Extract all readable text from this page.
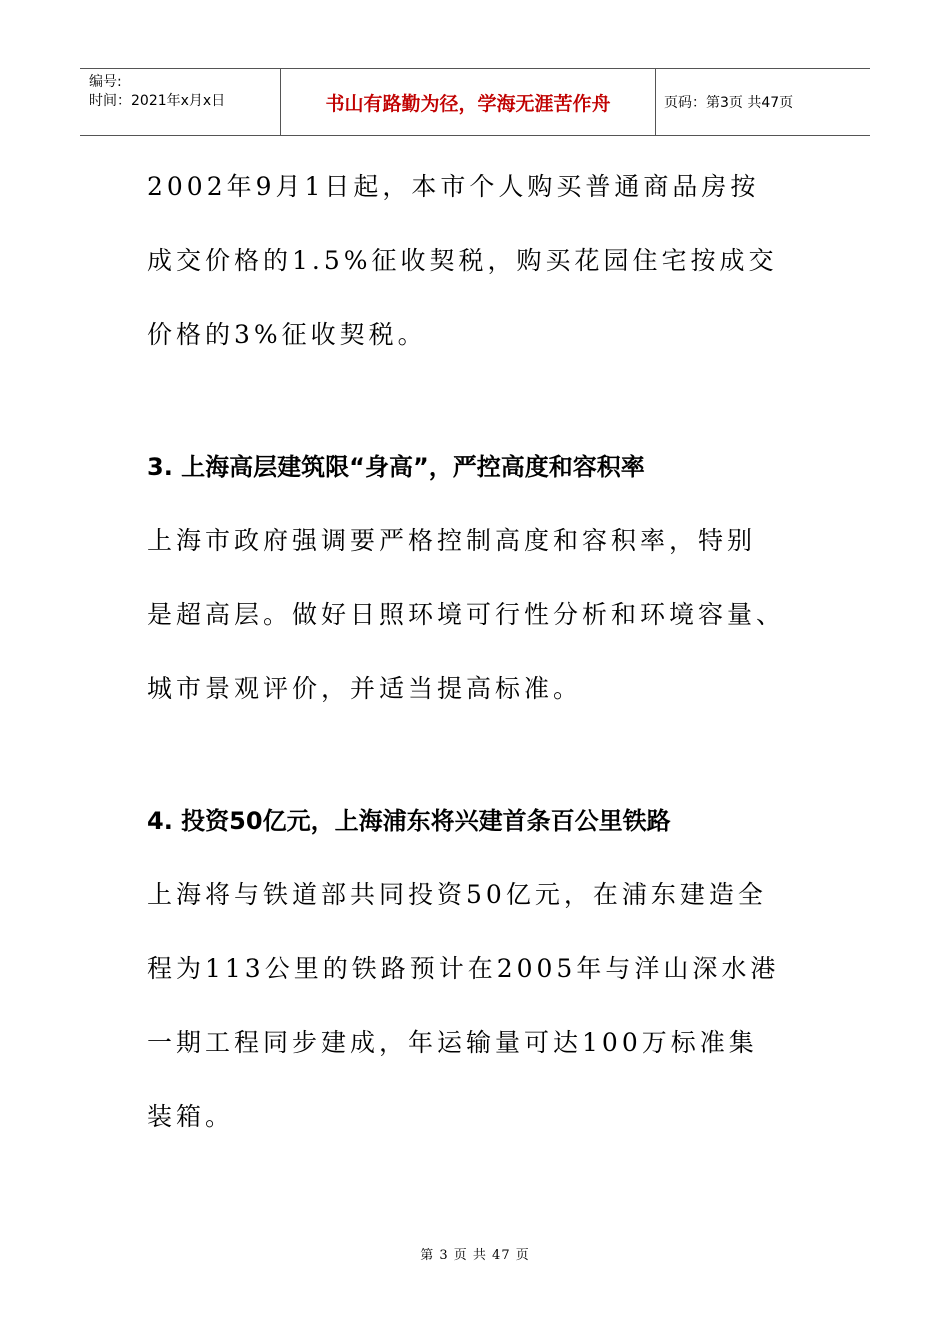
编号:
时间：2021年x月x日	书山有路勤为径，学海无涯苦作舟	页码：第3页 共47页

2002年9月1日起，本市个人购买普通商品房按

成交价格的1.5%征收契税，购买花园住宅按成交

价格的3%征收契税。

3. 上海高层建筑限“身高”，严控高度和容积率

上海市政府强调要严格控制高度和容积率，特别

是超高层。做好日照环境可行性分析和环境容量、

城市景观评价，并适当提高标准。

4. 投资50亿元，上海浦东将兴建首条百公里铁路

上海将与铁道部共同投资50亿元，在浦东建造全

程为113公里的铁路预计在2005年与洋山深水港

一期工程同步建成，年运输量可达100万标准集

装箱。

第 3 页 共 47 页
